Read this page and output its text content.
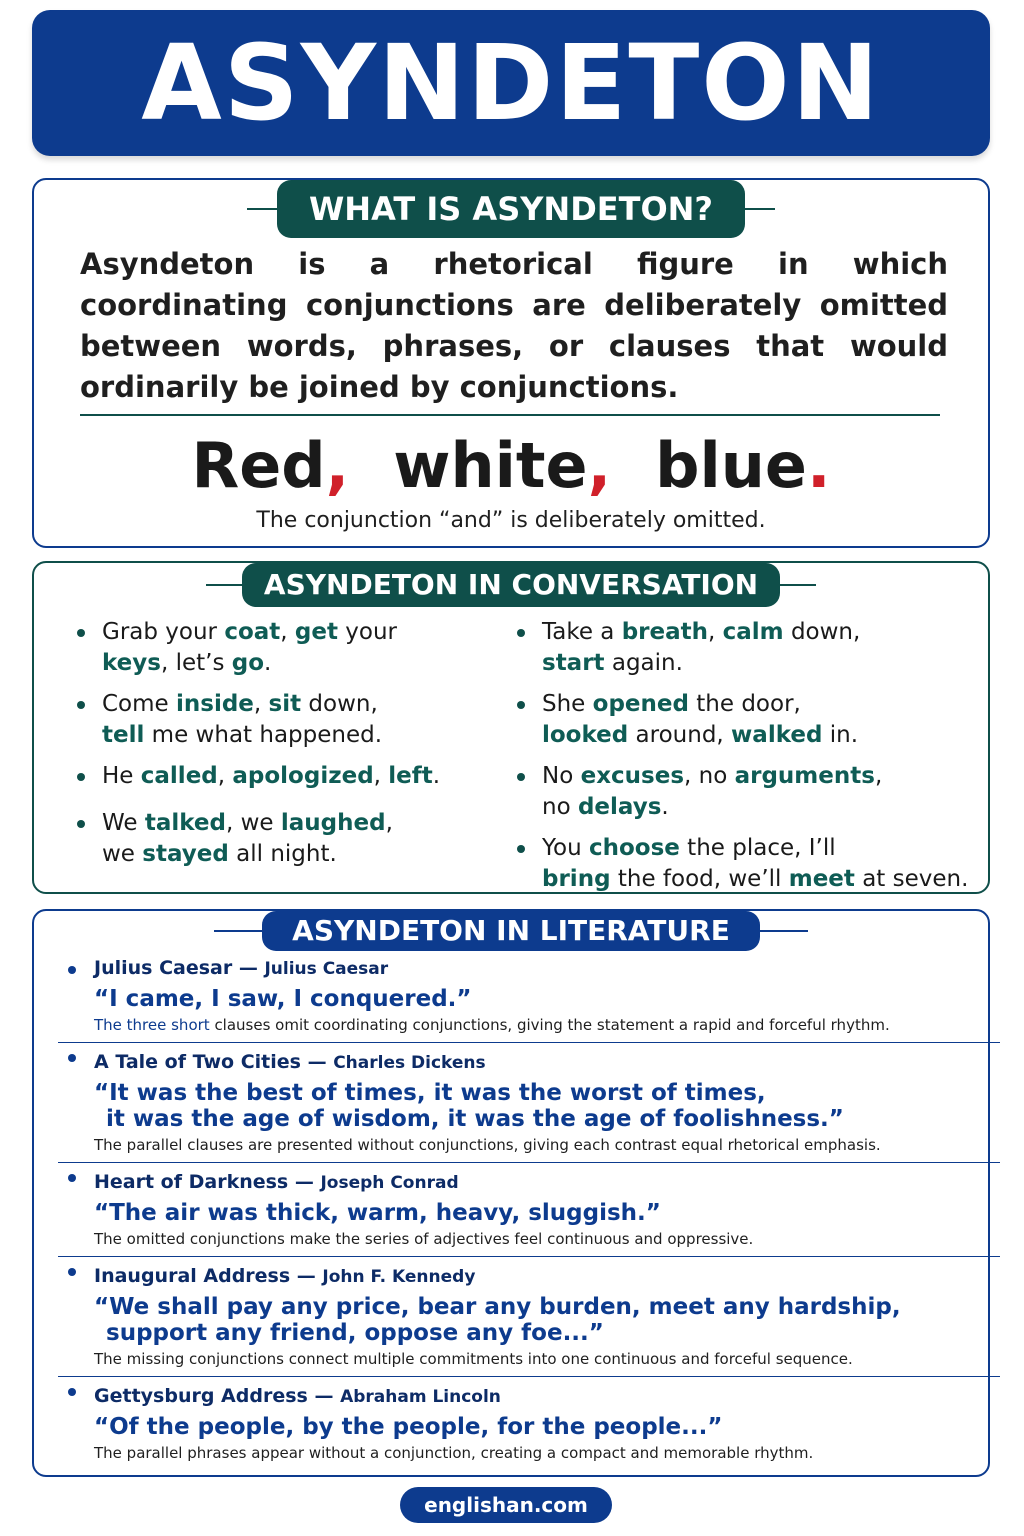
ASYNDETON
WHAT IS ASYNDETON?

Asyndeton is a rhetorical figure in which coordinating conjunctions are deliberately omitted between words, phrases, or clauses that would ordinarily be joined by conjunctions.

Red, white, blue.

The conjunction “and” is deliberately omitted.

ASYNDETON IN CONVERSATION
Grab your coat, get your
keys, let’s go.
Come inside, sit down,
tell me what happened.
He called, apologized, left.
We talked, we laughed,
we stayed all night.
Take a breath, calm down,
start again.
She opened the door,
looked around, walked in.
No excuses, no arguments,
no delays.
You choose the place, I’ll
bring the food, we’ll meet at seven.
ASYNDETON IN LITERATURE
Julius Caesar — Julius Caesar
“I came, I saw, I conquered.”
The three short clauses omit coordinating conjunctions, giving the statement a rapid and forceful rhythm.
A Tale of Two Cities — Charles Dickens
“It was the best of times, it was the worst of times,
it was the age of wisdom, it was the age of foolishness.”
The parallel clauses are presented without conjunctions, giving each contrast equal rhetorical emphasis.
Heart of Darkness — Joseph Conrad
“The air was thick, warm, heavy, sluggish.”
The omitted conjunctions make the series of adjectives feel continuous and oppressive.
Inaugural Address — John F. Kennedy
“We shall pay any price, bear any burden, meet any hardship,
support any friend, oppose any foe...”
The missing conjunctions connect multiple commitments into one continuous and forceful sequence.
Gettysburg Address — Abraham Lincoln
“Of the people, by the people, for the people...”
The parallel phrases appear without a conjunction, creating a compact and memorable rhythm.
englishan.com
